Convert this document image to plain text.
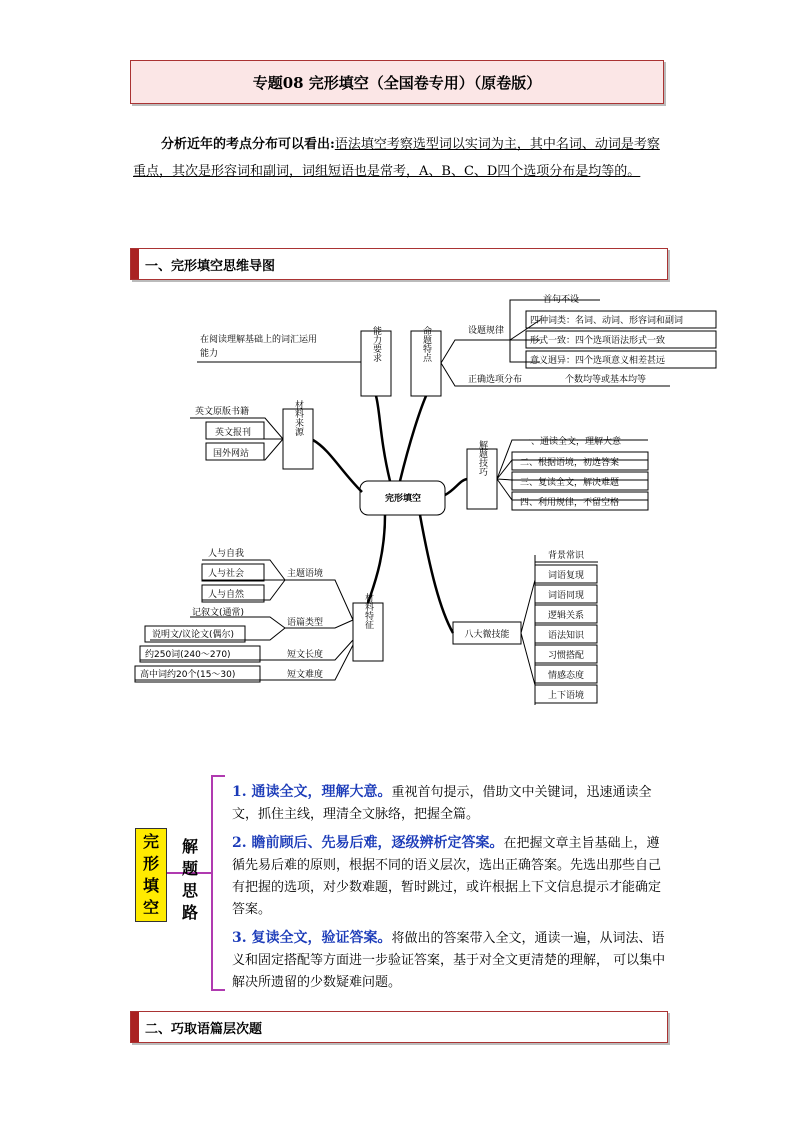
专题08 完形填空（全国卷专用）（原卷版）
分析近年的考点分布可以看出:语法填空考察选型词以实词为主，其中名词、动词是考察重点，其次是形容词和副词，词组短语也是常考，A、B、C、D四个选项分布是均等的。
一、完形填空思维导图
完形填空
在阅读理解基础上的词汇运用
能力	能力要求	命题特点	设题规律
首句不设
四种词类：名词、动词、形容词和副词
形式一致：四个选项语法形式一致
意义迥异：四个选项意义相差甚远
正确选项分布	个数均等或基本均等
材料来源
英文原版书籍
英文报刊
国外网站	解题技巧	一、通读全文，理解大意
二、根据语境，初选答案
三、复读全文，解决难题
四、利用规律，不留空格
材料特征
主题语境
人与自我
人与社会
人与自然
语篇类型
记叙文(通常)
说明文/议论文(偶尔)
短文长度
约250词(240～270)
短文难度
高中词约20个(15～30)
八大微技能
背景常识
词语复现
词语同现
逻辑关系
语法知识
习惯搭配
情感态度
上下语境
完
形
填
空
解
题
思
路

1. 通读全文，理解大意。重视首句提示，借助文中关键词，迅速通读全文，抓住主线，理清全文脉络，把握全篇。

2. 瞻前顾后、先易后难，逐级辨析定答案。在把握文章主旨基础上，遵循先易后难的原则，根据不同的语义层次，选出正确答案。先选出那些自己有把握的选项，对少数难题，暂时跳过，或许根据上下文信息提示才能确定答案。

3. 复读全文，验证答案。将做出的答案带入全文，通读一遍，从词法、语义和固定搭配等方面进一步验证答案，基于对全文更清楚的理解， 可以集中解决所遗留的少数疑难问题。

二、巧取语篇层次题
